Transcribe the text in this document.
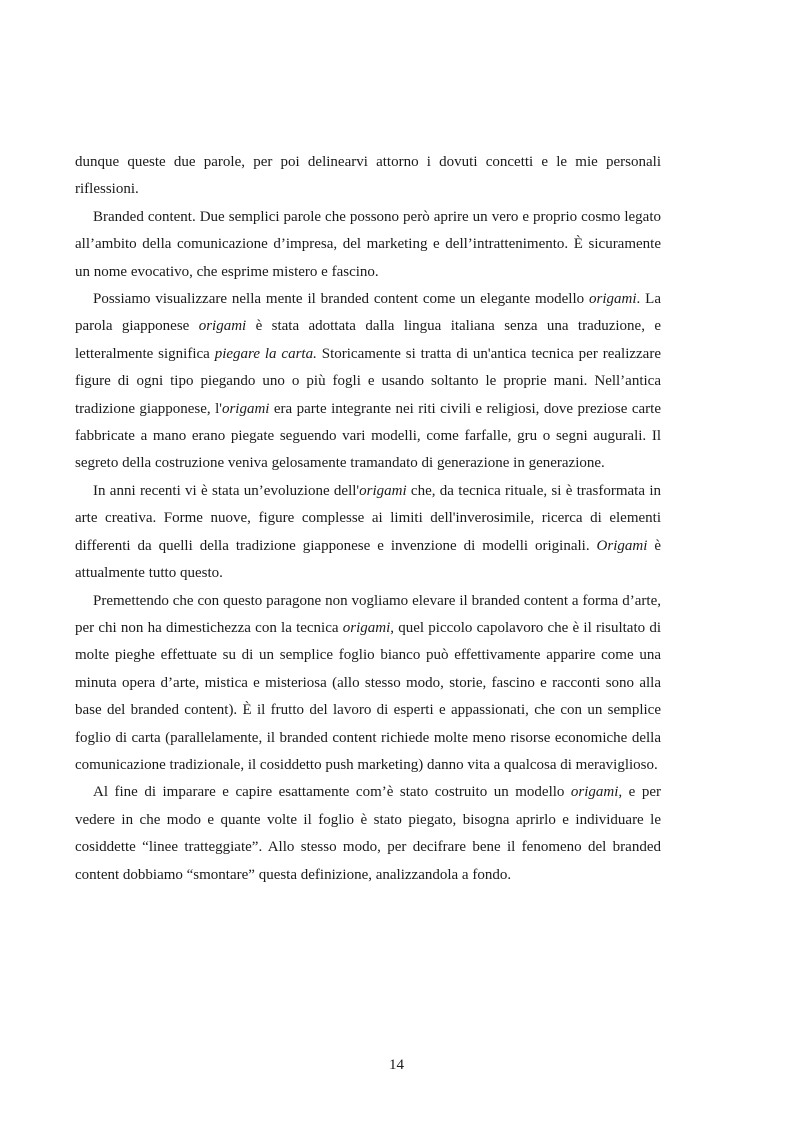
dunque queste due parole, per poi delinearvi attorno i dovuti concetti e le mie personali riflessioni.

Branded content. Due semplici parole che possono però aprire un vero e proprio cosmo legato all’ambito della comunicazione d’impresa, del marketing e dell’intrattenimento. È sicuramente un nome evocativo, che esprime mistero e fascino.

Possiamo visualizzare nella mente il branded content come un elegante modello origami. La parola giapponese origami è stata adottata dalla lingua italiana senza una traduzione, e letteralmente significa piegare la carta. Storicamente si tratta di un'antica tecnica per realizzare figure di ogni tipo piegando uno o più fogli e usando soltanto le proprie mani. Nell’antica tradizione giapponese, l'origami era parte integrante nei riti civili e religiosi, dove preziose carte fabbricate a mano erano piegate seguendo vari modelli, come farfalle, gru o segni augurali. Il segreto della costruzione veniva gelosamente tramandato di generazione in generazione.

In anni recenti vi è stata un’evoluzione dell'origami che, da tecnica rituale, si è trasformata in arte creativa. Forme nuove, figure complesse ai limiti dell'inverosimile, ricerca di elementi differenti da quelli della tradizione giapponese e invenzione di modelli originali. Origami è attualmente tutto questo.

Premettendo che con questo paragone non vogliamo elevare il branded content a forma d’arte, per chi non ha dimestichezza con la tecnica origami, quel piccolo capolavoro che è il risultato di molte pieghe effettuate su di un semplice foglio bianco può effettivamente apparire come una minuta opera d’arte, mistica e misteriosa (allo stesso modo, storie, fascino e racconti sono alla base del branded content). È il frutto del lavoro di esperti e appassionati, che con un semplice foglio di carta (parallelamente, il branded content richiede molte meno risorse economiche della comunicazione tradizionale, il cosiddetto push marketing) danno vita a qualcosa di meraviglioso.

Al fine di imparare e capire esattamente com’è stato costruito un modello origami, e per vedere in che modo e quante volte il foglio è stato piegato, bisogna aprirlo e individuare le cosiddette “linee tratteggiate”. Allo stesso modo, per decifrare bene il fenomeno del branded content dobbiamo “smontare” questa definizione, analizzandola a fondo.

14
